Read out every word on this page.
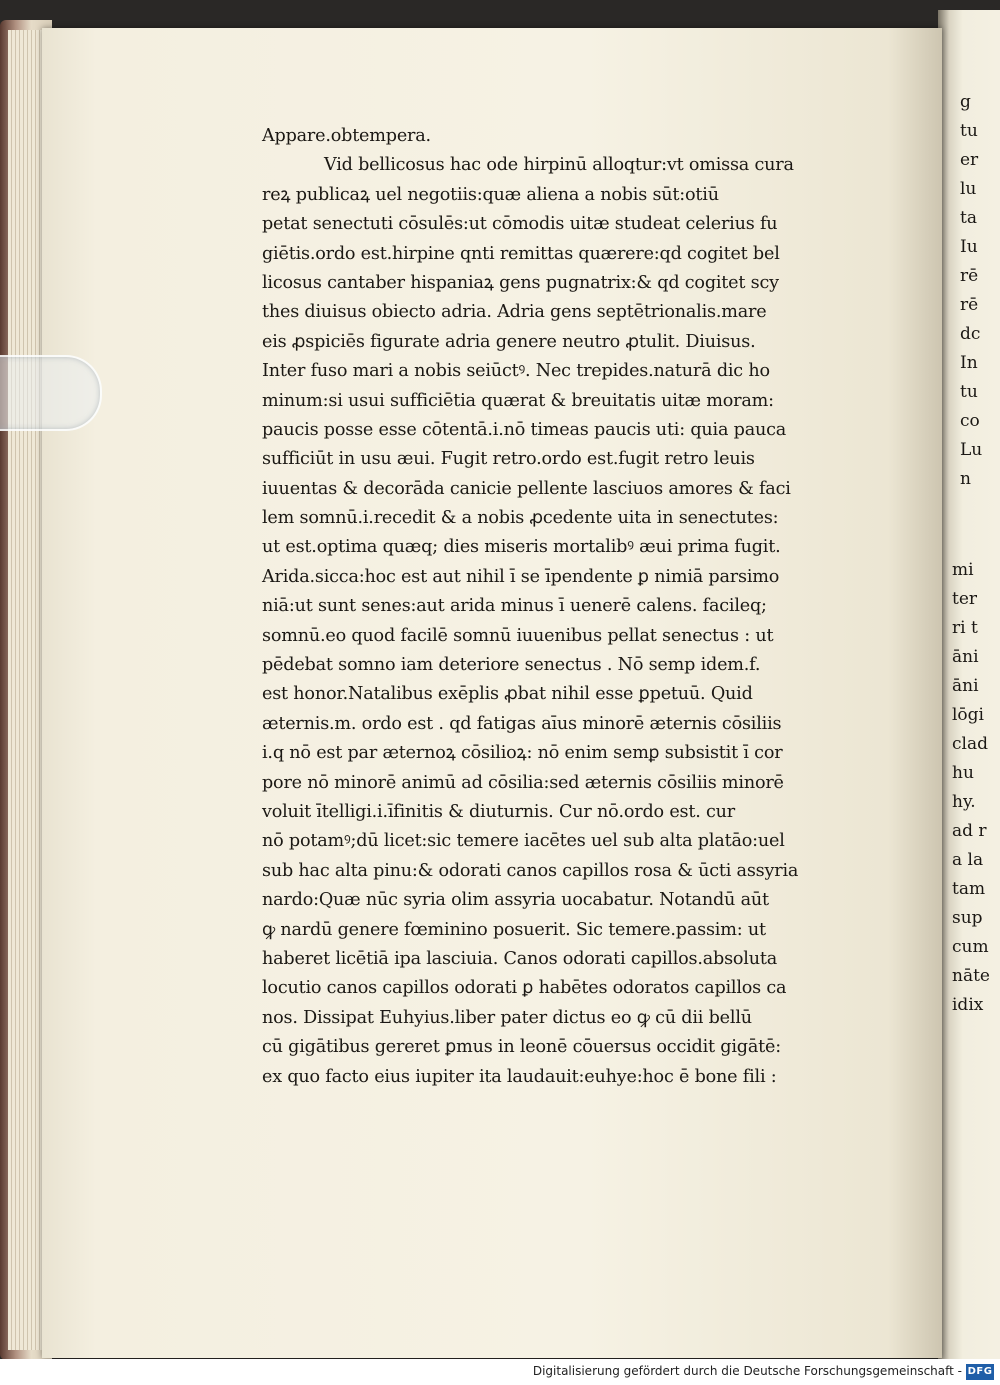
Appare.obtempera.
Vid bellicosus hac ode hirpinū alloqtur:vt omissa cura
reꝝ publicaꝝ uel negotiis:quæ aliena a nobis sūt:otiū
petat senectuti cōsulēs:ut cōmodis uitæ studeat celerius fu
giētis.ordo est.hirpine qnti remittas quærere:qd cogitet bel
licosus cantaber hispaniaꝝ gens pugnatrix:& qd cogitet scy
thes diuisus obiecto adria. Adria gens septētrionalis.mare
eis ꝓspiciēs figurate adria genere neutro ꝓtulit. Diuisus.
Inter fuso mari a nobis seiūctꝰ. Nec trepides.naturā dic ho
minum:si usui sufficiētia quærat & breuitatis uitæ moram:
paucis posse esse cōtentā.i.nō timeas paucis uti: quia pauca
sufficiūt in usu æui. Fugit retro.ordo est.fugit retro leuis
iuuentas & decorāda canicie pellente lasciuos amores & faci
lem somnū.i.recedit & a nobis ꝓcedente uita in senectutes:
ut est.optima quæq; dies miseris mortalibꝰ æui prima fugit.
Arida.sicca:hoc est aut nihil ī se īpendente ꝑ nimiā parsimo
niā:ut sunt senes:aut arida minus ī uenerē calens. facileq;
somnū.eo quod facilē somnū iuuenibus pellat senectus : ut
pēdebat somno iam deteriore senectus . Nō semp idem.f.
est honor.Natalibus exēplis ꝓbat nihil esse ꝑpetuū. Quid
æternis.m. ordo est . qd fatigas aīus minorē æternis cōsiliis
i.q nō est par æternoꝝ cōsilioꝝ: nō enim semꝑ subsistit ī cor
pore nō minorē animū ad cōsilia:sed æternis cōsiliis minorē
voluit ītelligi.i.īfinitis & diuturnis. Cur nō.ordo est. cur
nō potamꝰ;dū licet:sic temere iacētes uel sub alta platāo:uel
sub hac alta pinu:& odorati canos capillos rosa & ūcti assyria
nardo:Quæ nūc syria olim assyria uocabatur. Notandū aūt
ꝙ nardū genere fœminino posuerit. Sic temere.passim: ut
haberet licētiā ipa lasciuia. Canos odorati capillos.absoluta
locutio canos capillos odorati ꝑ habētes odoratos capillos ca
nos. Dissipat Euhyius.liber pater dictus eo ꝙ cū dii bellū
cū gigātibus gereret ꝑmus in leonē cōuersus occidit gigātē:
ex quo facto eius iupiter ita laudauit:euhye:hoc ē bone fili :
g
tu
er
lu
ta
Iu
rē
rē
dc
In
tu
co
Lu
n
mi
ter
ri t
āni
āni
lōgi
clad
hu
hy.
ad r
a la
tam
sup
cum
nāte
idix
Digitalisierung gefördert durch die Deutsche Forschungsgemeinschaft - DFG
